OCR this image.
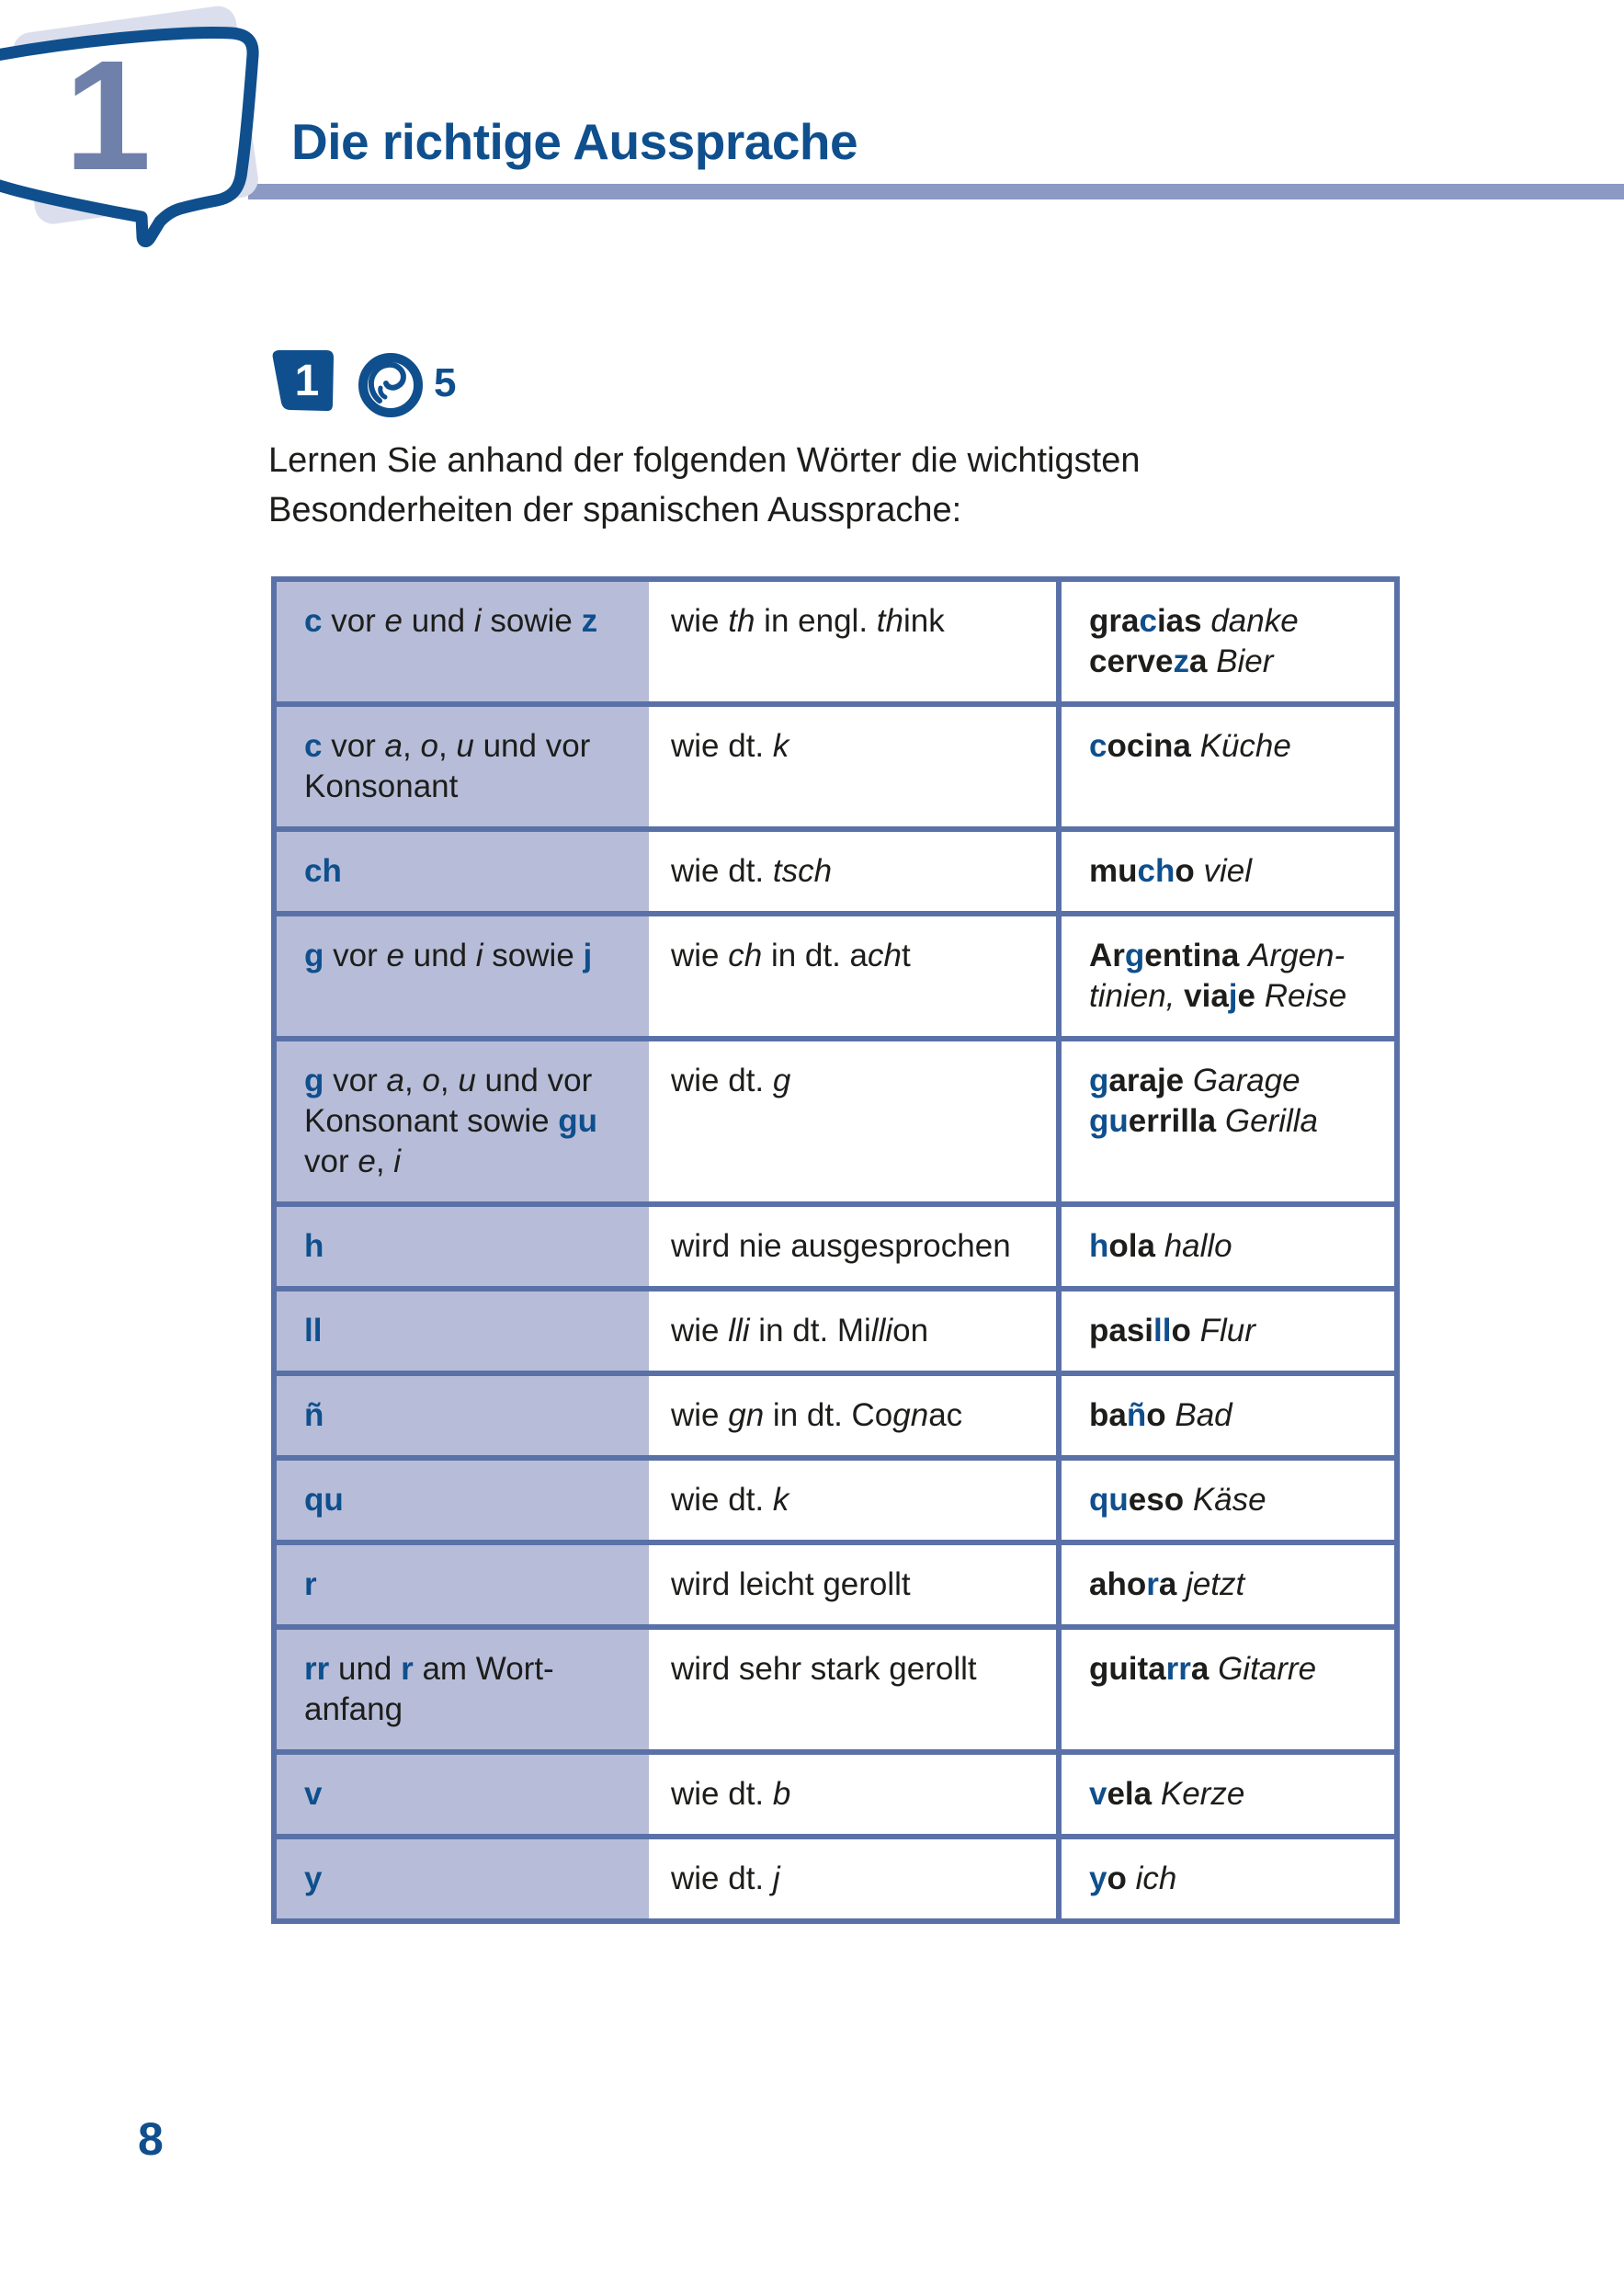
Die richtige Aussprache
1
1	5
Lernen Sie anhand der folgenden Wörter die wichtigsten
Besonderheiten der spanischen Aussprache:
c vor e und i sowie z	wie th in engl. think	gracias danke
cerveza Bier
c vor a, o, u und vor
Konsonant
wie dt. k	cocina Küche
ch	wie dt. tsch	mucho viel
g vor e und i sowie j	wie ch in dt. acht	Argentina Argen-
tinien, viaje Reise
g vor a, o, u und vor
Konsonant sowie gu
vor e, i
wie dt. g	garaje Garage
guerrilla Gerilla
h	wird nie ausgesprochen	hola hallo
ll	wie lli in dt. Million	pasillo Flur
ñ	wie gn in dt. Cognac	baño Bad
qu	wie dt. k	queso Käse
r	wird leicht gerollt	ahora jetzt
rr und r am Wort-
anfang
wird sehr stark gerollt	guitarra Gitarre
v	wie dt. b	vela Kerze
y	wie dt. j	yo ich
8
